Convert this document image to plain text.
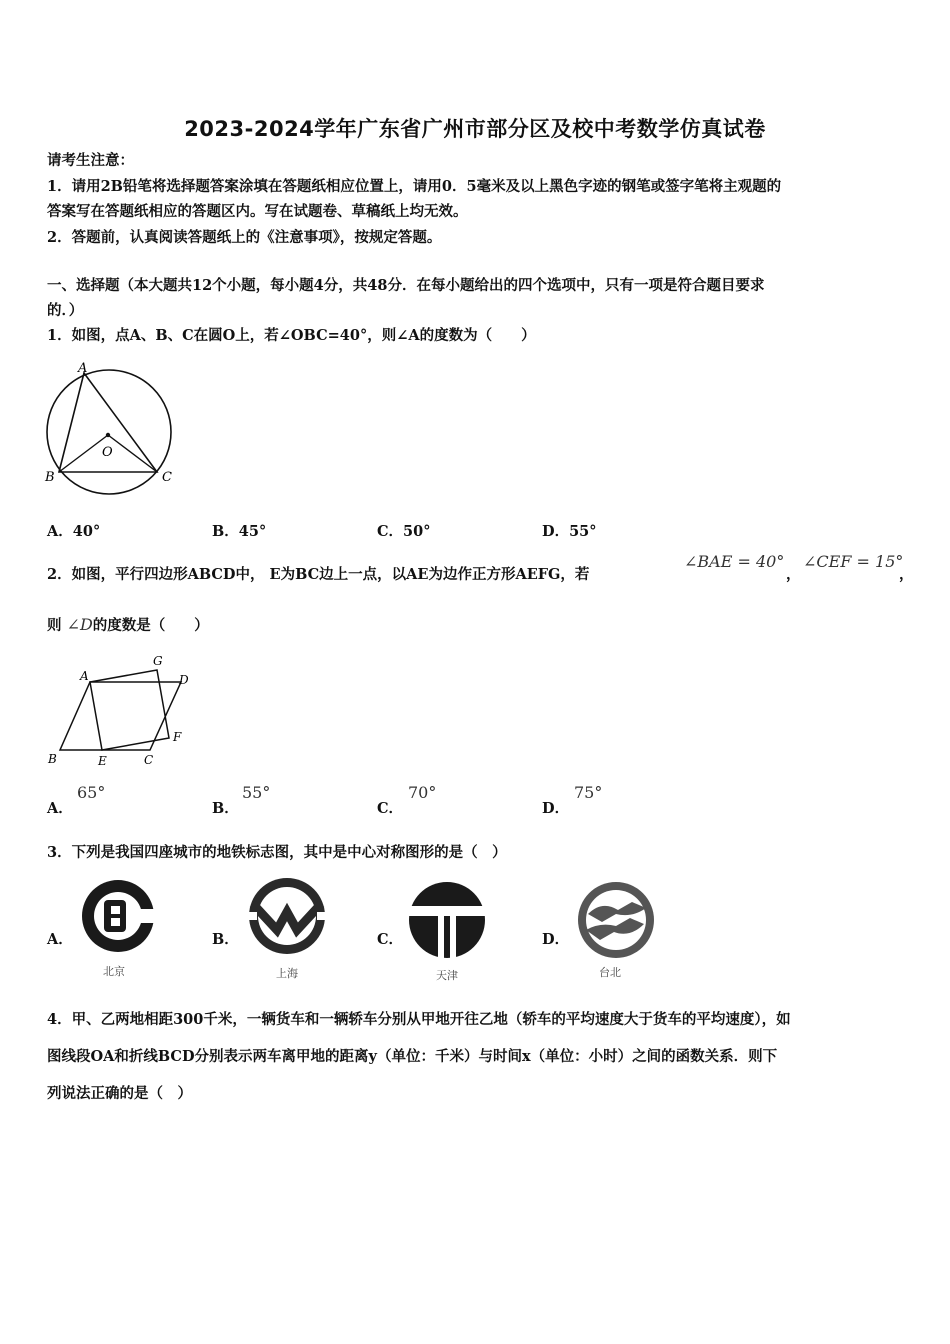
2023-2024学年广东省广州市部分区及校中考数学仿真试卷
请考生注意：
1．请用2B铅笔将选择题答案涂填在答题纸相应位置上，请用0．5毫米及以上黑色字迹的钢笔或签字笔将主观题的
答案写在答题纸相应的答题区内。写在试题卷、草稿纸上均无效。
2．答题前，认真阅读答题纸上的《注意事项》，按规定答题。
一、选择题（本大题共12个小题，每小题4分，共48分．在每小题给出的四个选项中，只有一项是符合题目要求
的．）
1．如图，点A、B、C在圆O上，若∠OBC=40°，则∠A的度数为（　　）
A
B	C
O
A．40°	B．45°	C．50°	D．55°
2．如图，平行四边形ABCD中， E为BC边上一点，以AE为边作正方形AEFG，若
∠BAE = 40°
，
∠CEF = 15°
，
则 ∠D的度数是（　　）
A
G
D
F
B	E	C
A．
65°
B．
55°
C．
70°
D．
75°
3．下列是我国四座城市的地铁标志图，其中是中心对称图形的是（　）
A．
北京
B．
上海
C．
天津
D．
台北
4．甲、乙两地相距300千米，一辆货车和一辆轿车分别从甲地开往乙地（轿车的平均速度大于货车的平均速度），如
图线段OA和折线BCD分别表示两车离甲地的距离y（单位：千米）与时间x（单位：小时）之间的函数关系．则下
列说法正确的是（　）
